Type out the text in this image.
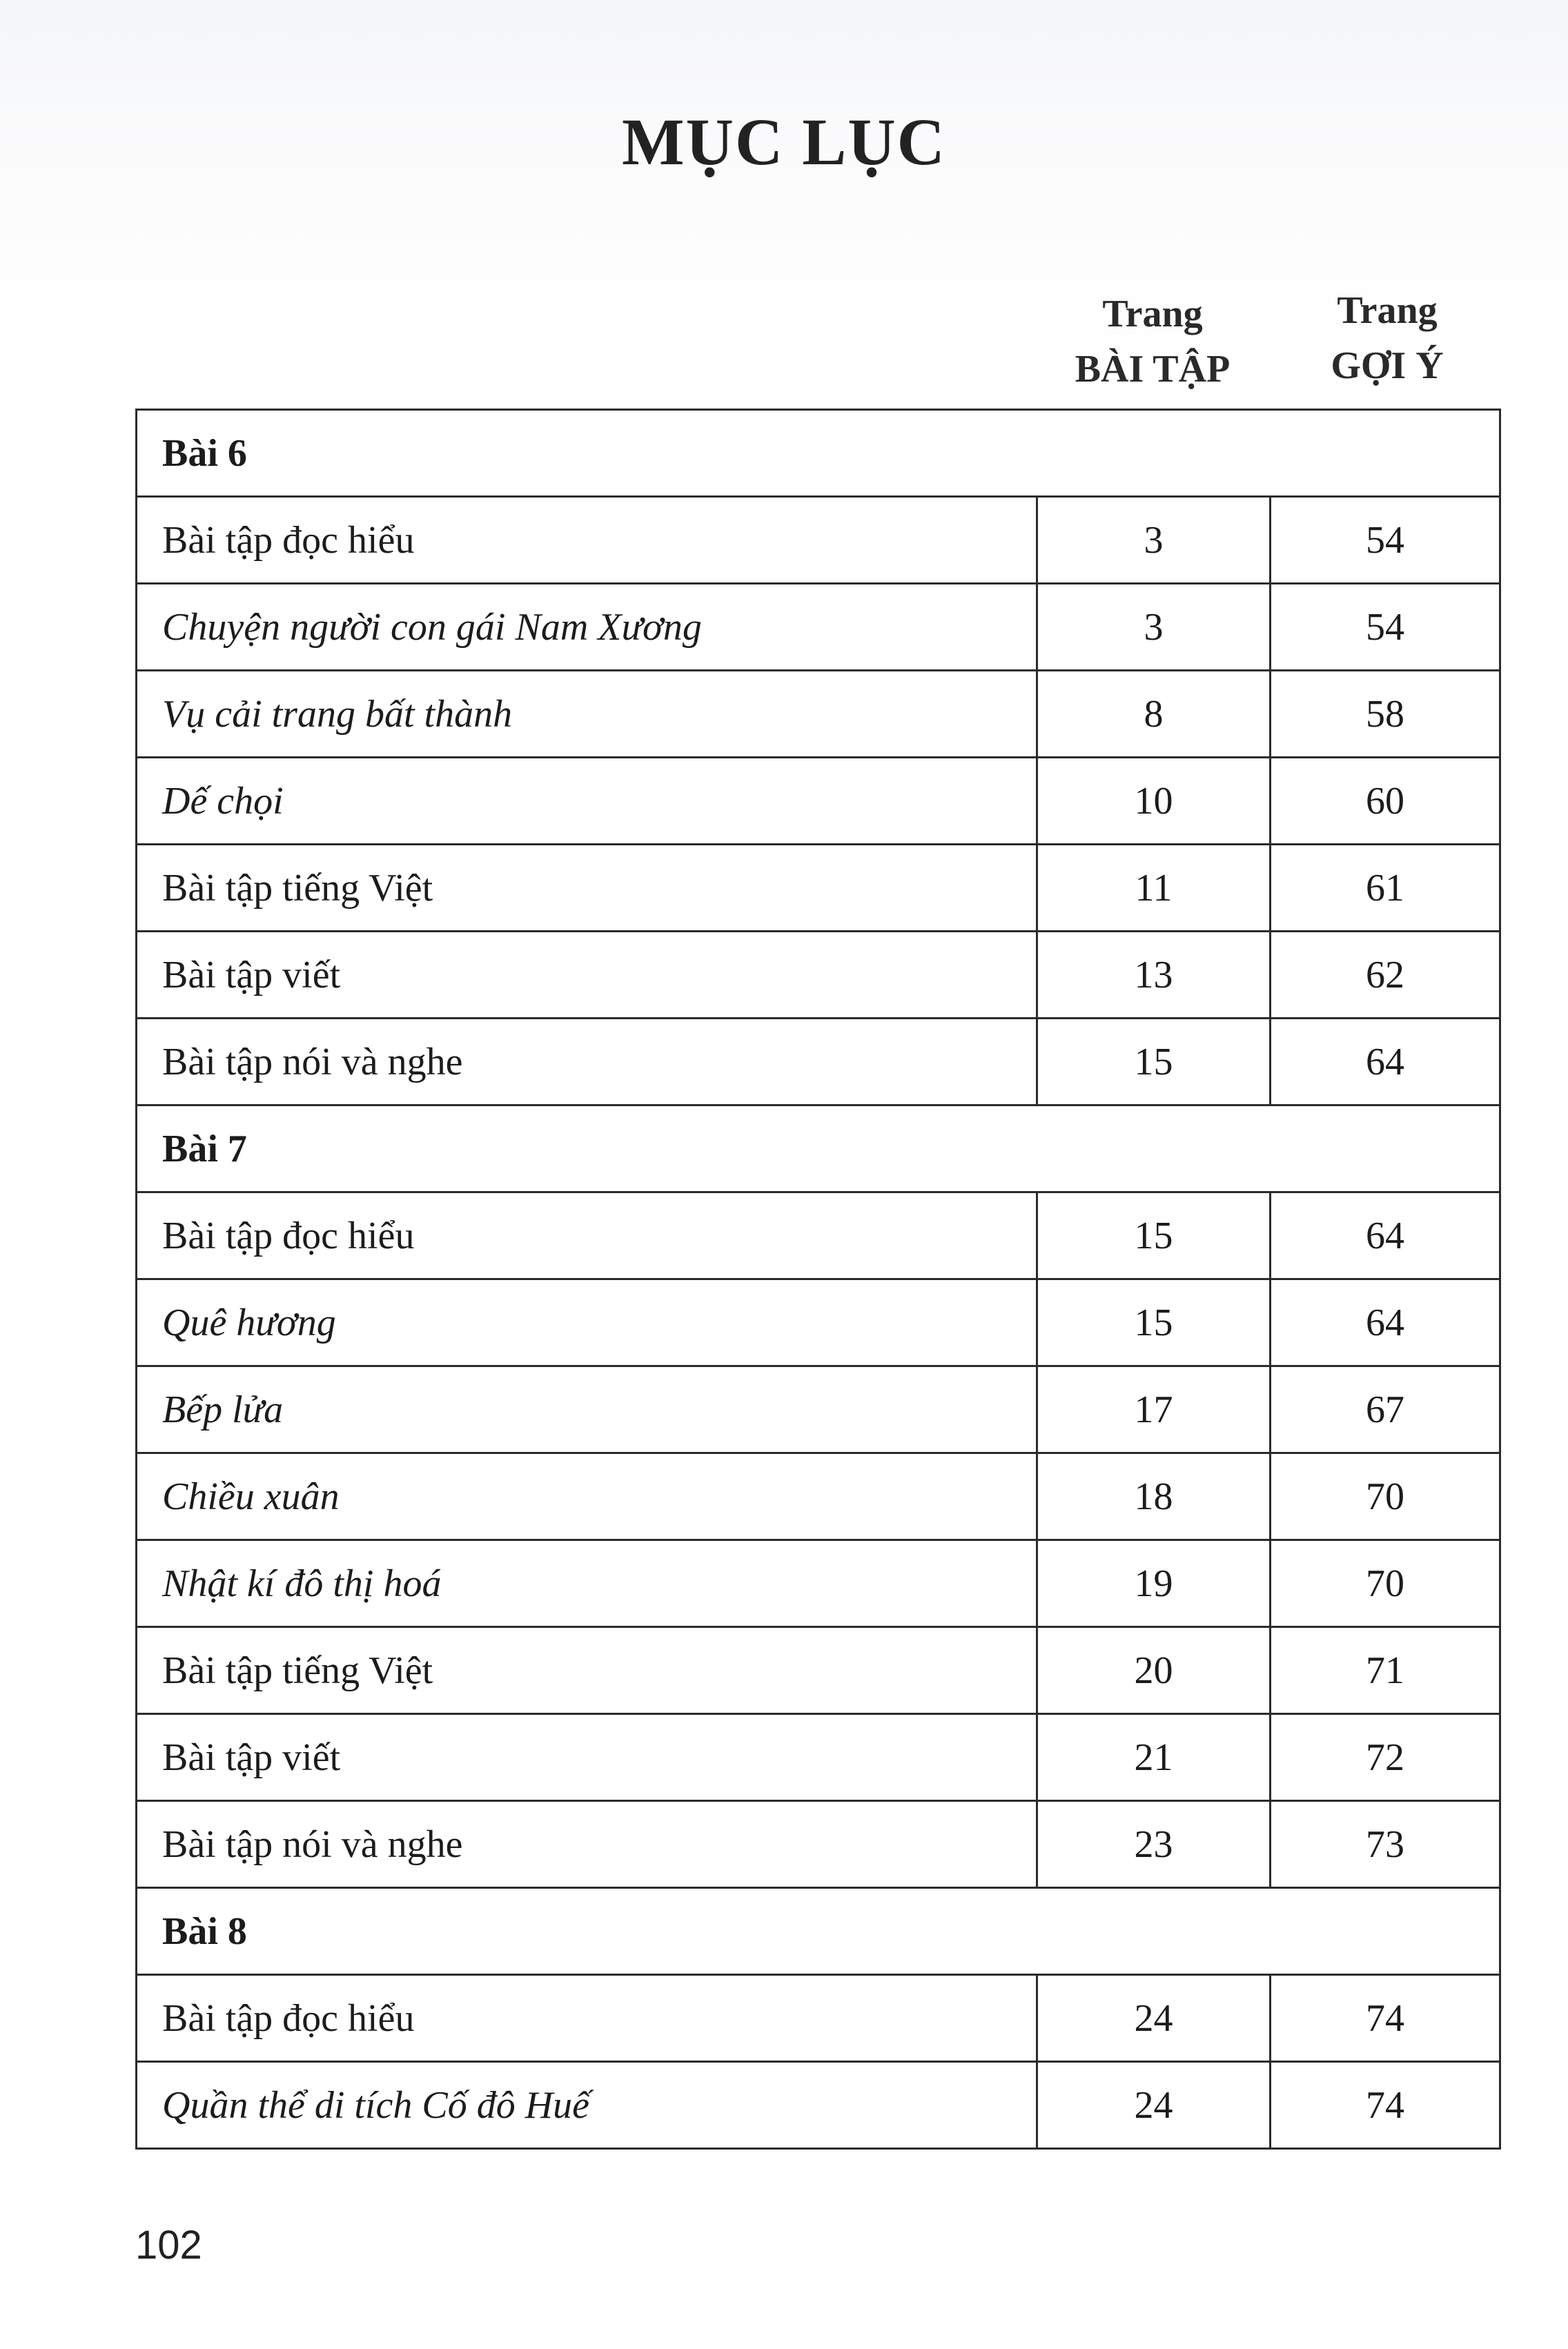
MỤC LỤC
Trang
BÀI TẬP
Trang
GỢI Ý
Bài 6		
Bài tập đọc hiểu	3	54
Chuyện người con gái Nam Xương	3	54
Vụ cải trang bất thành	8	58
Dế chọi	10	60
Bài tập tiếng Việt	11	61
Bài tập viết	13	62
Bài tập nói và nghe	15	64
Bài 7		
Bài tập đọc hiểu	15	64
Quê hương	15	64
Bếp lửa	17	67
Chiều xuân	18	70
Nhật kí đô thị hoá	19	70
Bài tập tiếng Việt	20	71
Bài tập viết	21	72
Bài tập nói và nghe	23	73
Bài 8		
Bài tập đọc hiểu	24	74
Quần thể di tích Cố đô Huế	24	74
102
